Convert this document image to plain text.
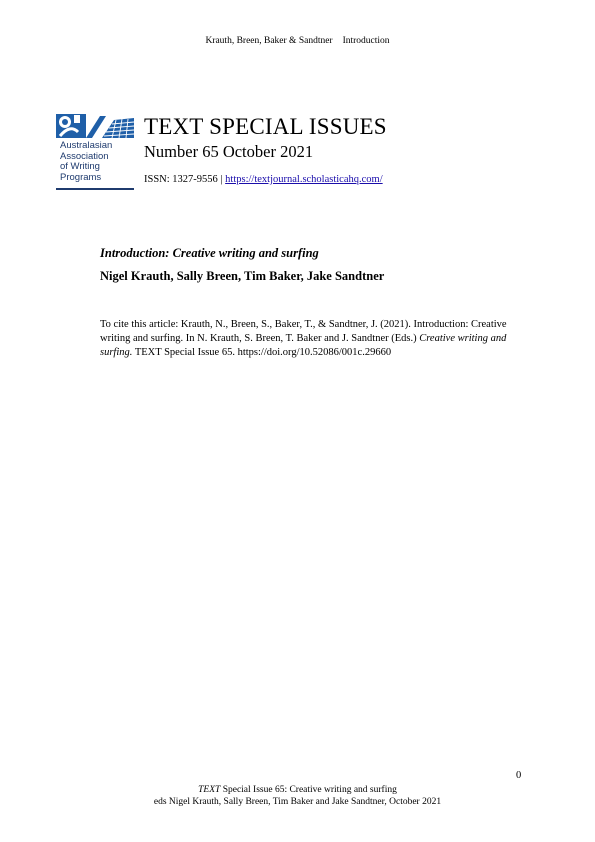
Krauth, Breen, Baker & Sandtner Introduction
Australasian
Association
of Writing
Programs
TEXT SPECIAL ISSUES
Number 65 October 2021
ISSN: 1327-9556 | https://textjournal.scholasticahq.com/
Introduction: Creative writing and surfing
Nigel Krauth, Sally Breen, Tim Baker, Jake Sandtner
To cite this article: Krauth, N., Breen, S., Baker, T., & Sandtner, J. (2021). Introduction: Creative writing and surfing. In N. Krauth, S. Breen, T. Baker and J. Sandtner (Eds.) Creative writing and surfing. TEXT Special Issue 65. https://doi.org/10.52086/001c.29660
0
TEXT Special Issue 65: Creative writing and surfing
eds Nigel Krauth, Sally Breen, Tim Baker and Jake Sandtner, October 2021
